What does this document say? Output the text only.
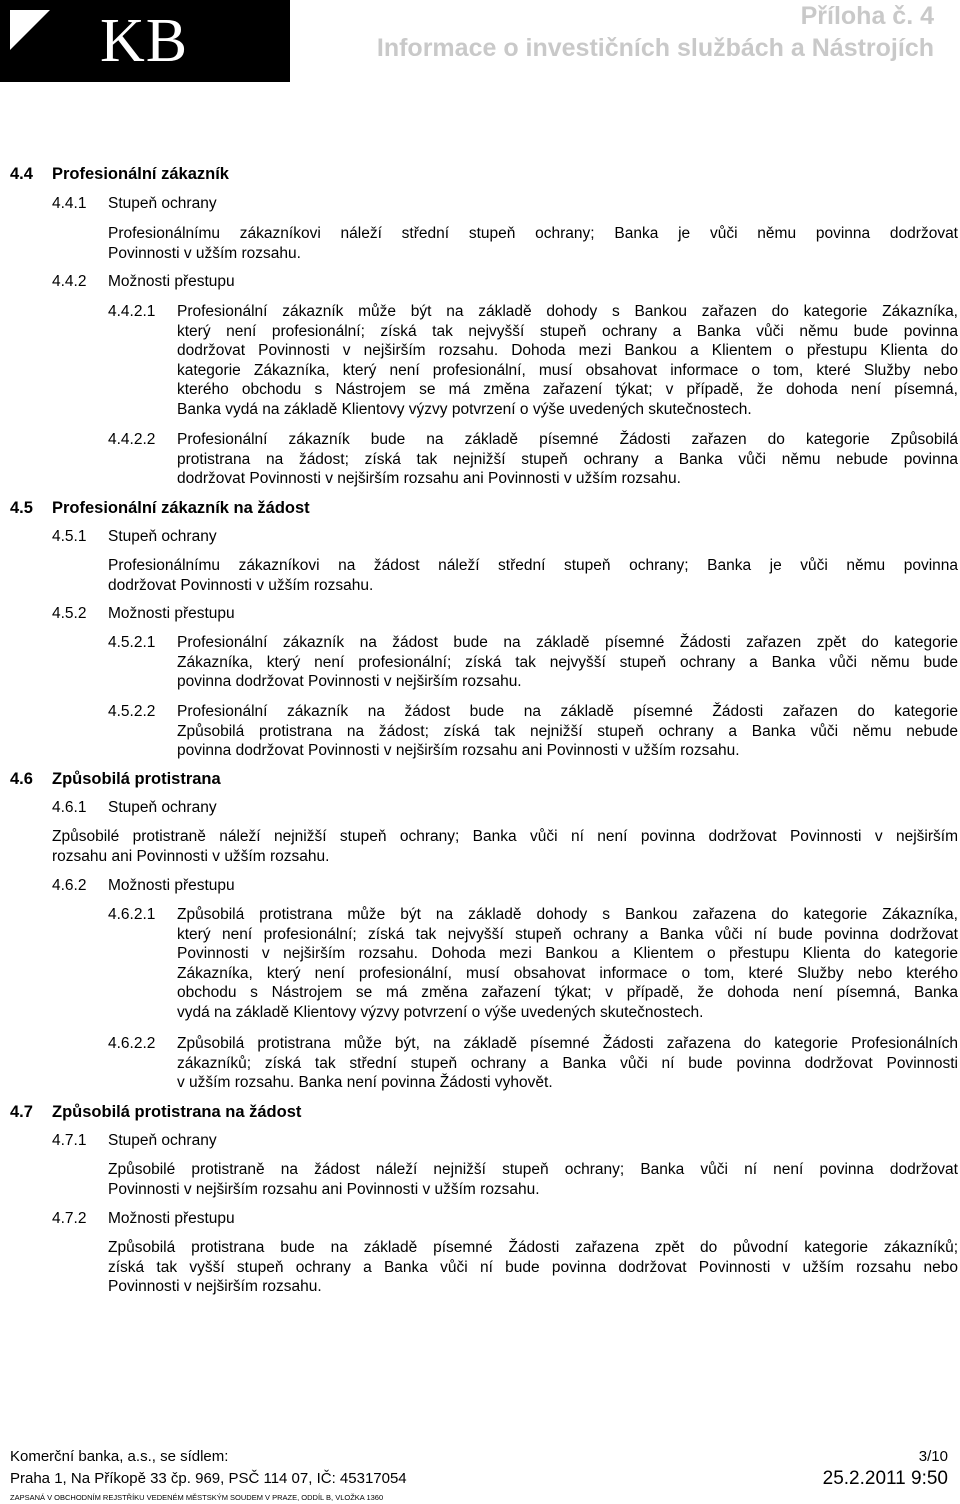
KB	Příloha č. 4
Informace o investičních službách a Nástrojích
4.4 Profesionální zákazník
4.4.1 Stupeň ochrany
Profesionálnímu zákazníkovi náleží střední stupeň ochrany; Banka je vůči němu povinna dodržovat
Povinnosti v užším rozsahu.
4.4.2 Možnosti přestupu
4.4.2.1 Profesionální zákazník může být na základě dohody s Bankou zařazen do kategorie Zákazníka,
který není profesionální; získá tak nejvyšší stupeň ochrany a Banka vůči němu bude povinna
dodržovat Povinnosti v nejširším rozsahu. Dohoda mezi Bankou a Klientem o přestupu Klienta do
kategorie Zákazníka, který není profesionální, musí obsahovat informace o tom, které Služby nebo
kterého obchodu s Nástrojem se má změna zařazení týkat; v případě, že dohoda není písemná,
Banka vydá na základě Klientovy výzvy potvrzení o výše uvedených skutečnostech.
4.4.2.2 Profesionální zákazník bude na základě písemné Žádosti zařazen do kategorie Způsobilá
protistrana na žádost; získá tak nejnižší stupeň ochrany a Banka vůči němu nebude povinna
dodržovat Povinnosti v nejširším rozsahu ani Povinnosti v užším rozsahu.
4.5 Profesionální zákazník na žádost
4.5.1 Stupeň ochrany
Profesionálnímu zákazníkovi na žádost náleží střední stupeň ochrany; Banka je vůči němu povinna
dodržovat Povinnosti v užším rozsahu.
4.5.2 Možnosti přestupu
4.5.2.1 Profesionální zákazník na žádost bude na základě písemné Žádosti zařazen zpět do kategorie
Zákazníka, který není profesionální; získá tak nejvyšší stupeň ochrany a Banka vůči němu bude
povinna dodržovat Povinnosti v nejširším rozsahu.
4.5.2.2 Profesionální zákazník na žádost bude na základě písemné Žádosti zařazen do kategorie
Způsobilá protistrana na žádost; získá tak nejnižší stupeň ochrany a Banka vůči němu nebude
povinna dodržovat Povinnosti v nejširším rozsahu ani Povinnosti v užším rozsahu.
4.6 Způsobilá protistrana
4.6.1 Stupeň ochrany
Způsobilé protistraně náleží nejnižší stupeň ochrany; Banka vůči ní není povinna dodržovat Povinnosti v nejširším
rozsahu ani Povinnosti v užším rozsahu.
4.6.2 Možnosti přestupu
4.6.2.1 Způsobilá protistrana může být na základě dohody s Bankou zařazena do kategorie Zákazníka,
který není profesionální; získá tak nejvyšší stupeň ochrany a Banka vůči ní bude povinna dodržovat
Povinnosti v nejširším rozsahu. Dohoda mezi Bankou a Klientem o přestupu Klienta do kategorie
Zákazníka, který není profesionální, musí obsahovat informace o tom, které Služby nebo kterého
obchodu s Nástrojem se má změna zařazení týkat; v případě, že dohoda není písemná, Banka
vydá na základě Klientovy výzvy potvrzení o výše uvedených skutečnostech.
4.6.2.2 Způsobilá protistrana může být, na základě písemné Žádosti zařazena do kategorie Profesionálních
zákazníků; získá tak střední stupeň ochrany a Banka vůči ní bude povinna dodržovat Povinnosti
v užším rozsahu. Banka není povinna Žádosti vyhovět.
4.7 Způsobilá protistrana na žádost
4.7.1 Stupeň ochrany
Způsobilé protistraně na žádost náleží nejnižší stupeň ochrany; Banka vůči ní není povinna dodržovat
Povinnosti v nejširším rozsahu ani Povinnosti v užším rozsahu.
4.7.2 Možnosti přestupu
Způsobilá protistrana bude na základě písemné Žádosti zařazena zpět do původní kategorie zákazníků;
získá tak vyšší stupeň ochrany a Banka vůči ní bude povinna dodržovat Povinnosti v užším rozsahu nebo
Povinnosti v nejširším rozsahu.
Komerční banka, a.s., se sídlem:
Praha 1, Na Příkopě 33 čp. 969, PSČ 114 07, IČ: 45317054
ZAPSANÁ V OBCHODNÍM REJSTŘÍKU VEDENÉM MĚSTSKÝM SOUDEM V PRAZE, ODDÍL B, VLOŽKA 1360
3/10
25.2.2011 9:50
